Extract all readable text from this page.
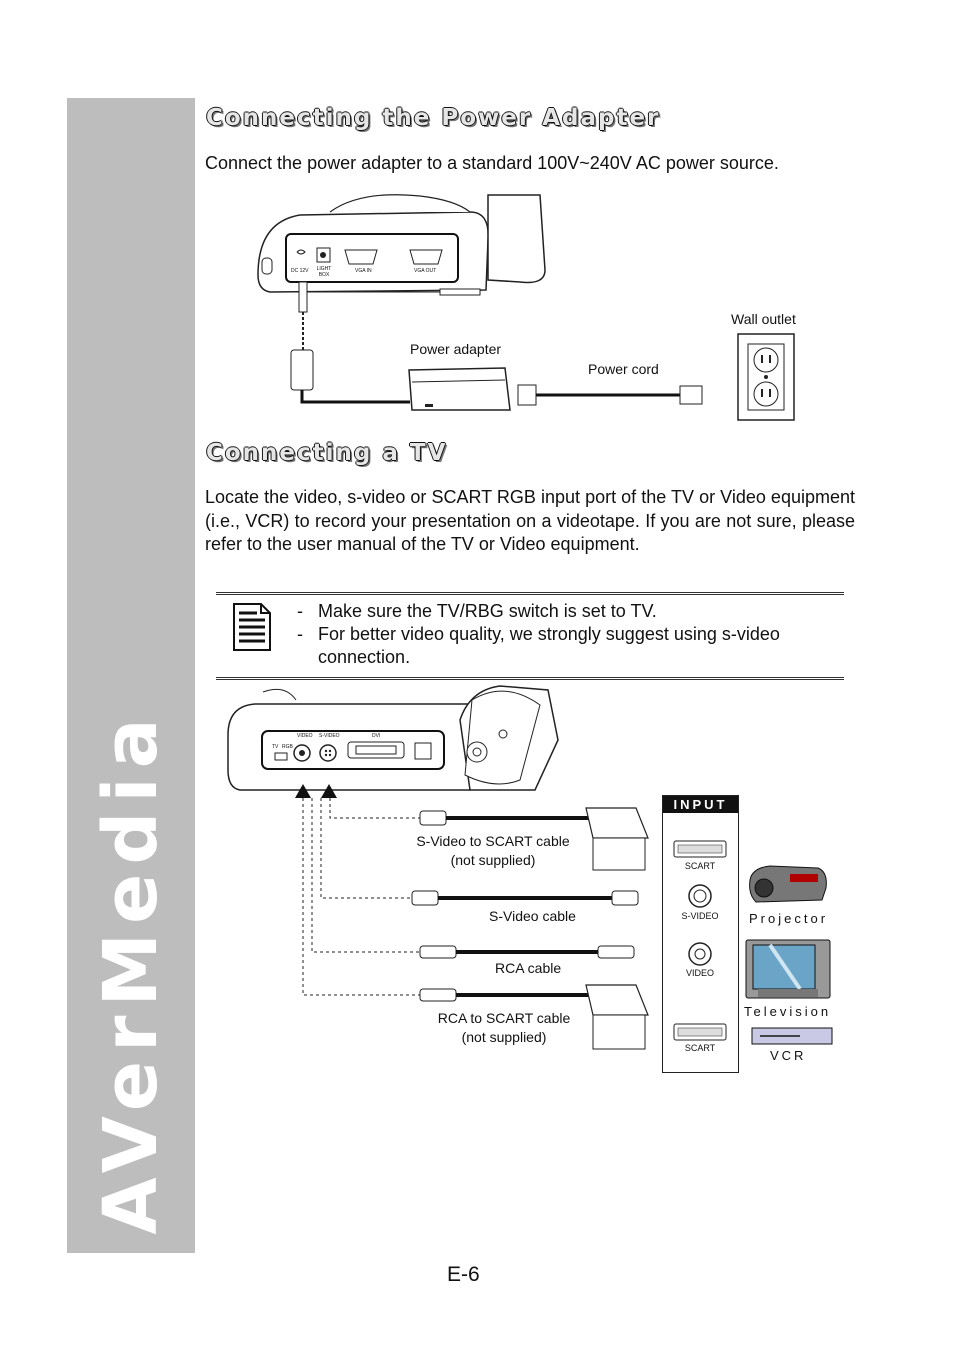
AVerMedia
Connecting the Power Adapter

Connect the power adapter to a standard 100V~240V AC power source.

DC 12V LIGHT BOX
VGA IN	VGA OUT
Wall outlet
Power adapter
Power cord
Connecting a TV

Locate the video, s-video or SCART RGB input port of the TV or Video equipment (i.e., VCR) to record your presentation on a videotape. If you are not sure, please refer to the user manual of the TV or Video equipment.

- Make sure the TV/RBG switch is set to TV.
- For better video quality, we strongly suggest using s-video connection.
VIDEO S-VIDEO	DVI
TV RGB
S-Video to SCART cable
(not supplied)
S-Video cable
RCA cable
RCA to SCART cable
(not supplied)
INPUT
SCART
S-VIDEO
VIDEO
SCART
Projector
Television
VCR
E-6
